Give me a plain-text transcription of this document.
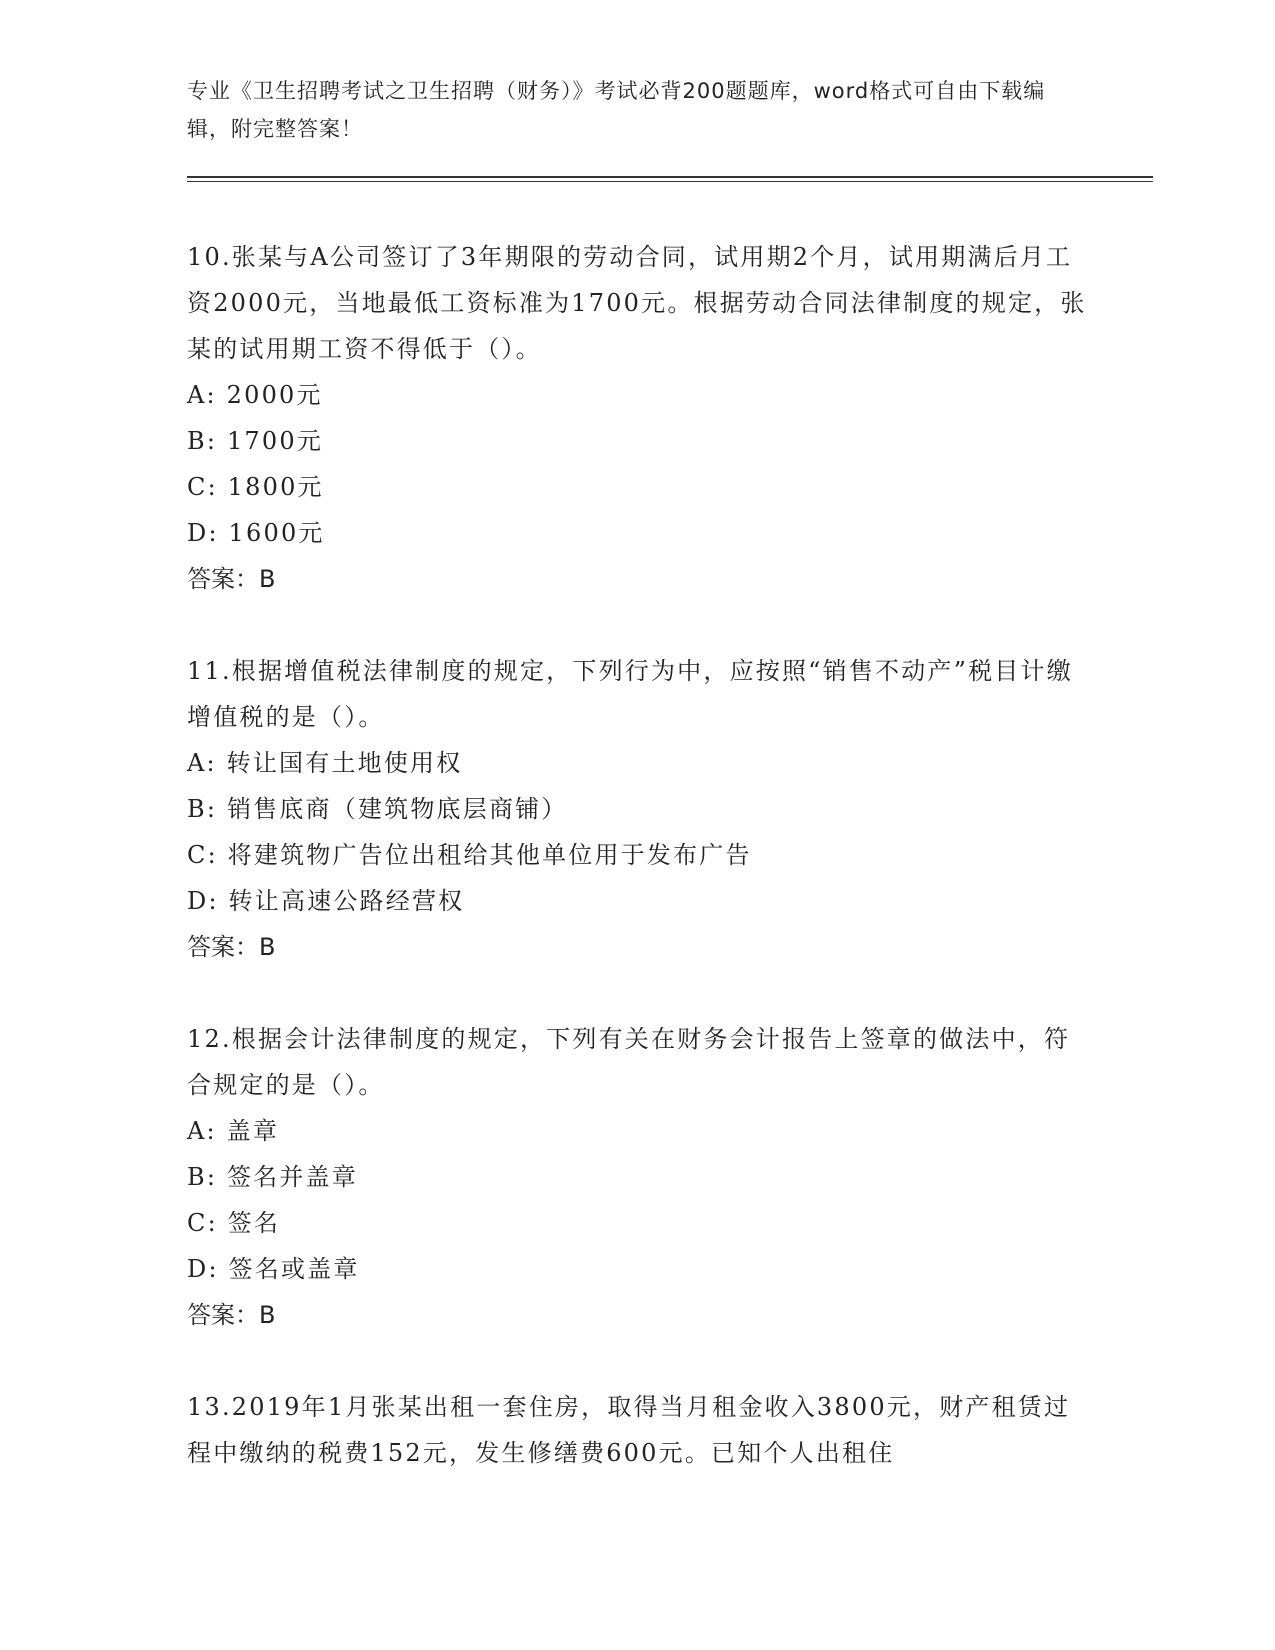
专业《卫生招聘考试之卫生招聘（财务）》考试必背200题题库，word格式可自由下载编辑，附完整答案！

10.张某与A公司签订了3年期限的劳动合同，试用期2个月，试用期满后月工资2000元，当地最低工资标准为1700元。根据劳动合同法律制度的规定，张某的试用期工资不得低于（）。

A: 2000元

B: 1700元

C: 1800元

D: 1600元

答案：B

11.根据增值税法律制度的规定，下列行为中，应按照“销售不动产”税目计缴增值税的是（）。

A: 转让国有土地使用权

B: 销售底商（建筑物底层商铺）

C: 将建筑物广告位出租给其他单位用于发布广告

D: 转让高速公路经营权

答案：B

12.根据会计法律制度的规定，下列有关在财务会计报告上签章的做法中，符合规定的是（）。

A: 盖章

B: 签名并盖章

C: 签名

D: 签名或盖章

答案：B

13.2019年1月张某出租一套住房，取得当月租金收入3800元，财产租赁过程中缴纳的税费152元，发生修缮费600元。已知个人出租住
